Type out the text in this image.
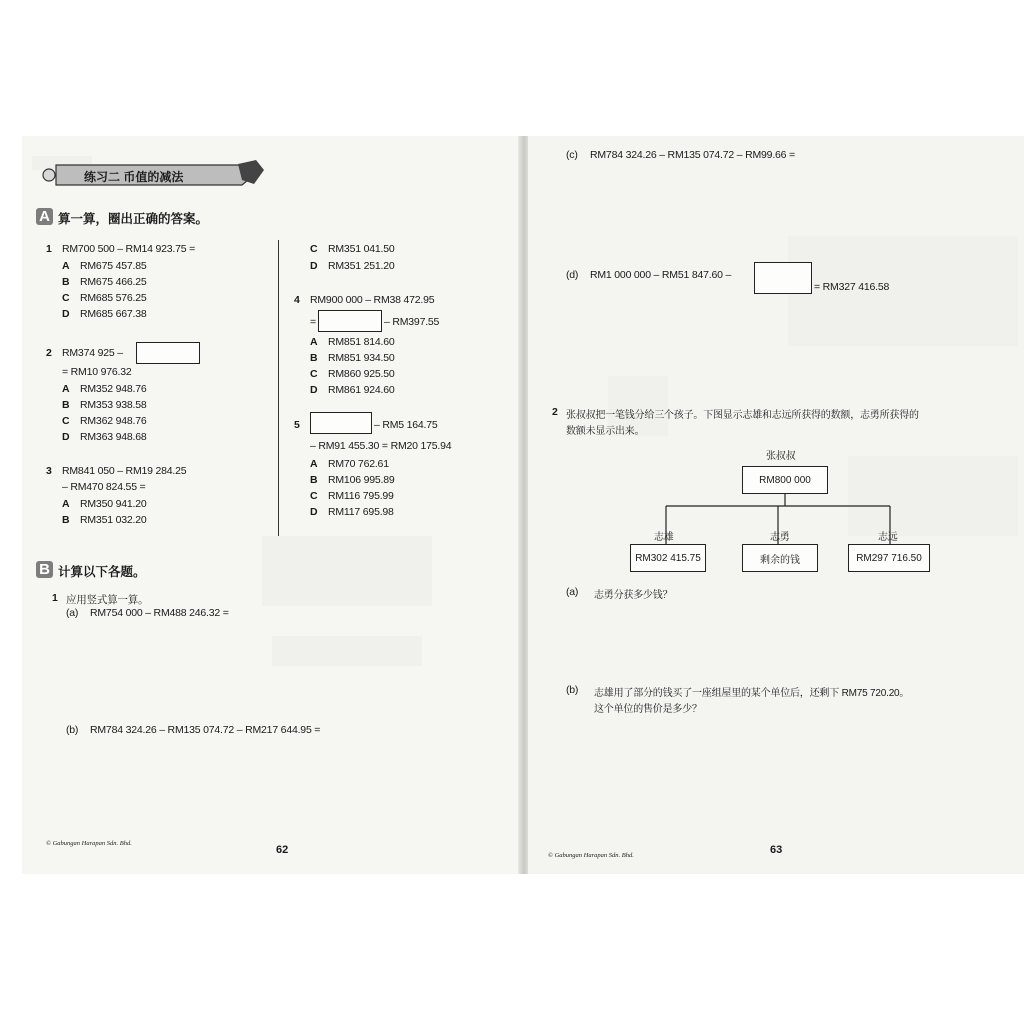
练习二 币值的减法
A 算一算，圈出正确的答案。
1 RM700 500 – RM14 923.75 =
A RM675 457.85
B RM675 466.25
C RM685 576.25
D RM685 667.38
2 RM374 925 –
= RM10 976.32
A RM352 948.76
B RM353 938.58
C RM362 948.76
D RM363 948.68
3 RM841 050 – RM19 284.25
– RM470 824.55 =
A RM350 941.20
B RM351 032.20
C RM351 041.50
D RM351 251.20
4 RM900 000 – RM38 472.95
=	– RM397.55
A RM851 814.60
B RM851 934.50
C RM860 925.50
D RM861 924.60
5	– RM5 164.75
– RM91 455.30 = RM20 175.94
A RM70 762.61
B RM106 995.89
C RM116 795.99
D RM117 695.98
B 计算以下各题。
1 应用竖式算一算。
(a) RM754 000 – RM488 246.32 =
(b) RM784 324.26 – RM135 074.72 – RM217 644.95 =
© Gabungan Harapan Sdn. Bhd.
62
(c) RM784 324.26 – RM135 074.72 – RM99.66 =
(d) RM1 000 000 – RM51 847.60 –
= RM327 416.58
2 张叔叔把一笔钱分给三个孩子。下图显示志雄和志远所获得的数额，志勇所获得的
数额未显示出来。
张叔叔
RM800 000
志雄
RM302 415.75
志勇
剩余的钱
志远
RM297 716.50
(a) 志勇分获多少钱？
(b) 志雄用了部分的钱买了一座组屋里的某个单位后，还剩下 RM75 720.20。
这个单位的售价是多少？
© Gabungan Harapan Sdn. Bhd.	63
